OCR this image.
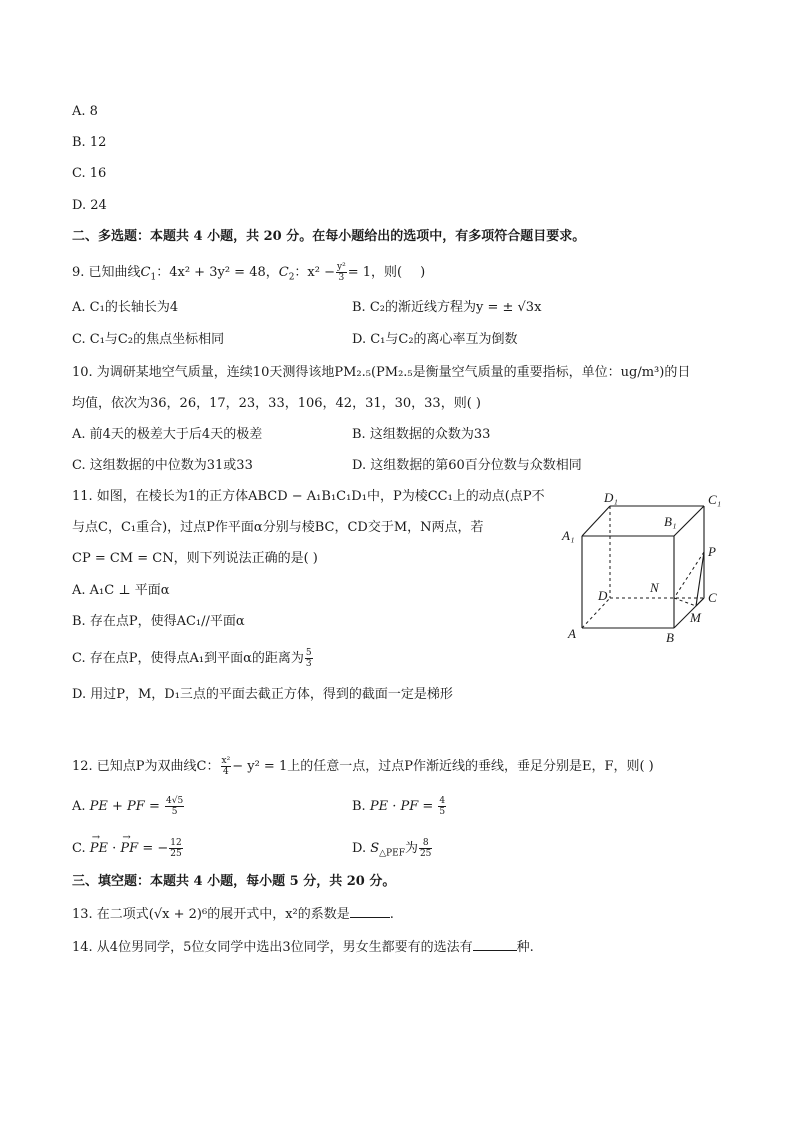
A. 8
B. 12
C. 16
D. 24
二、多选题：本题共 4 小题，共 20 分。在每小题给出的选项中，有多项符合题目要求。
9. 已知曲线$C_1$：4x² + 3y² = 48，$C_2$：$x^2 - \frac{\text{y²}}{3} = 1$，则( )
A. C₁的长轴长为4	B. C₂的渐近线方程为y = ± √3x
C. C₁与C₂的焦点坐标相同	D. C₁与C₂的离心率互为倒数
10. 为调研某地空气质量，连续10天测得该地PM₂.₅(PM₂.₅是衡量空气质量的重要指标，单位：ug/m³)的日
均值，依次为36，26，17，23，33，106，42，31，30，33，则( )
A. 前4天的极差大于后4天的极差	B. 这组数据的众数为33
C. 这组数据的中位数为31或33	D. 这组数据的第60百分位数与众数相同
11. 如图，在棱长为1的正方体ABCD − A₁B₁C₁D₁中，P为棱CC₁上的动点(点P不
与点C，C₁重合)，过点P作平面α分别与棱BC，CD交于M，N两点，若
CP = CM = CN，则下列说法正确的是( )
A. A₁C ⊥ 平面α
B. 存在点P，使得AC₁//平面α
C. 存在点P，使得点A₁到平面α的距离为 $\frac{5}{3}$
D. 用过P，M，D₁三点的平面去截正方体，得到的截面一定是梯形
D₁	C₁
B₁
A₁
P
D
N
C
A	B
M
12. 已知点P为双曲线C： $\frac{\text{x²}}{4} - y^2 = 1$上的任意一点，过点P作渐近线的垂线，垂足分别是E，F，则( )
A. PE + PF = $\frac{4√5}{5}$	B. PE · PF = $\frac{4}{5}$
C. → PE · → PF = − $\frac{12}{25}$	D. $S_{\triangle PEF}$为 $\frac{8}{25}$
三、填空题：本题共 4 小题，每小题 5 分，共 20 分。
13. 在二项式(√x + 2)⁶的展开式中，x²的系数是	.
14. 从4位男同学，5位女同学中选出3位同学，男女生都要有的选法有	种.
